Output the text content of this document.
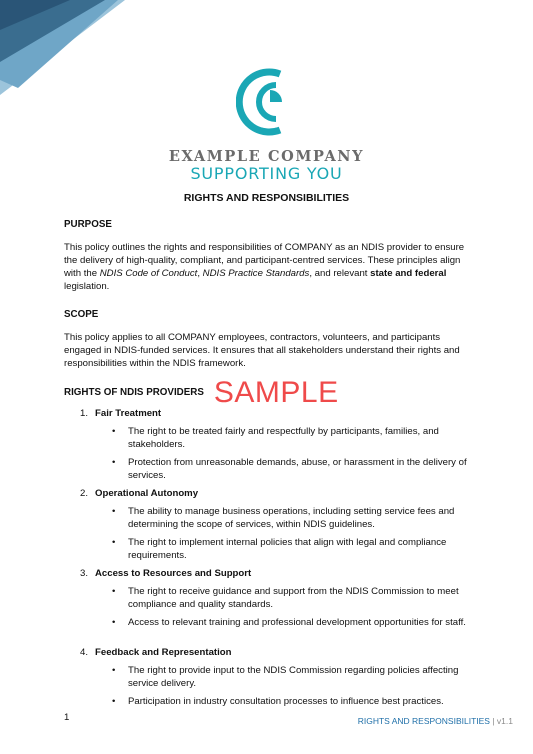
EXAMPLE COMPANY
SUPPORTING YOU
RIGHTS AND RESPONSIBILITIES
PURPOSE
This policy outlines the rights and responsibilities of COMPANY as an NDIS provider to ensure the delivery of high-quality, compliant, and participant-centred services. These principles align with the NDIS Code of Conduct, NDIS Practice Standards, and relevant state and federal legislation.
SCOPE
This policy applies to all COMPANY employees, contractors, volunteers, and participants engaged in NDIS-funded services. It ensures that all stakeholders understand their rights and responsibilities within the NDIS framework.
RIGHTS OF NDIS PROVIDERS SAMPLE
1. Fair Treatment
•	The right to be treated fairly and respectfully by participants, families, and stakeholders.
•	Protection from unreasonable demands, abuse, or harassment in the delivery of services.
2. Operational Autonomy
•	The ability to manage business operations, including setting service fees and determining the scope of services, within NDIS guidelines.
•	The right to implement internal policies that align with legal and compliance requirements.
3. Access to Resources and Support
•	The right to receive guidance and support from the NDIS Commission to meet compliance and quality standards.
•	Access to relevant training and professional development opportunities for staff.
4. Feedback and Representation
•	The right to provide input to the NDIS Commission regarding policies affecting service delivery.
•	Participation in industry consultation processes to influence best practices.
1	RIGHTS AND RESPONSIBILITIES | v1.1
